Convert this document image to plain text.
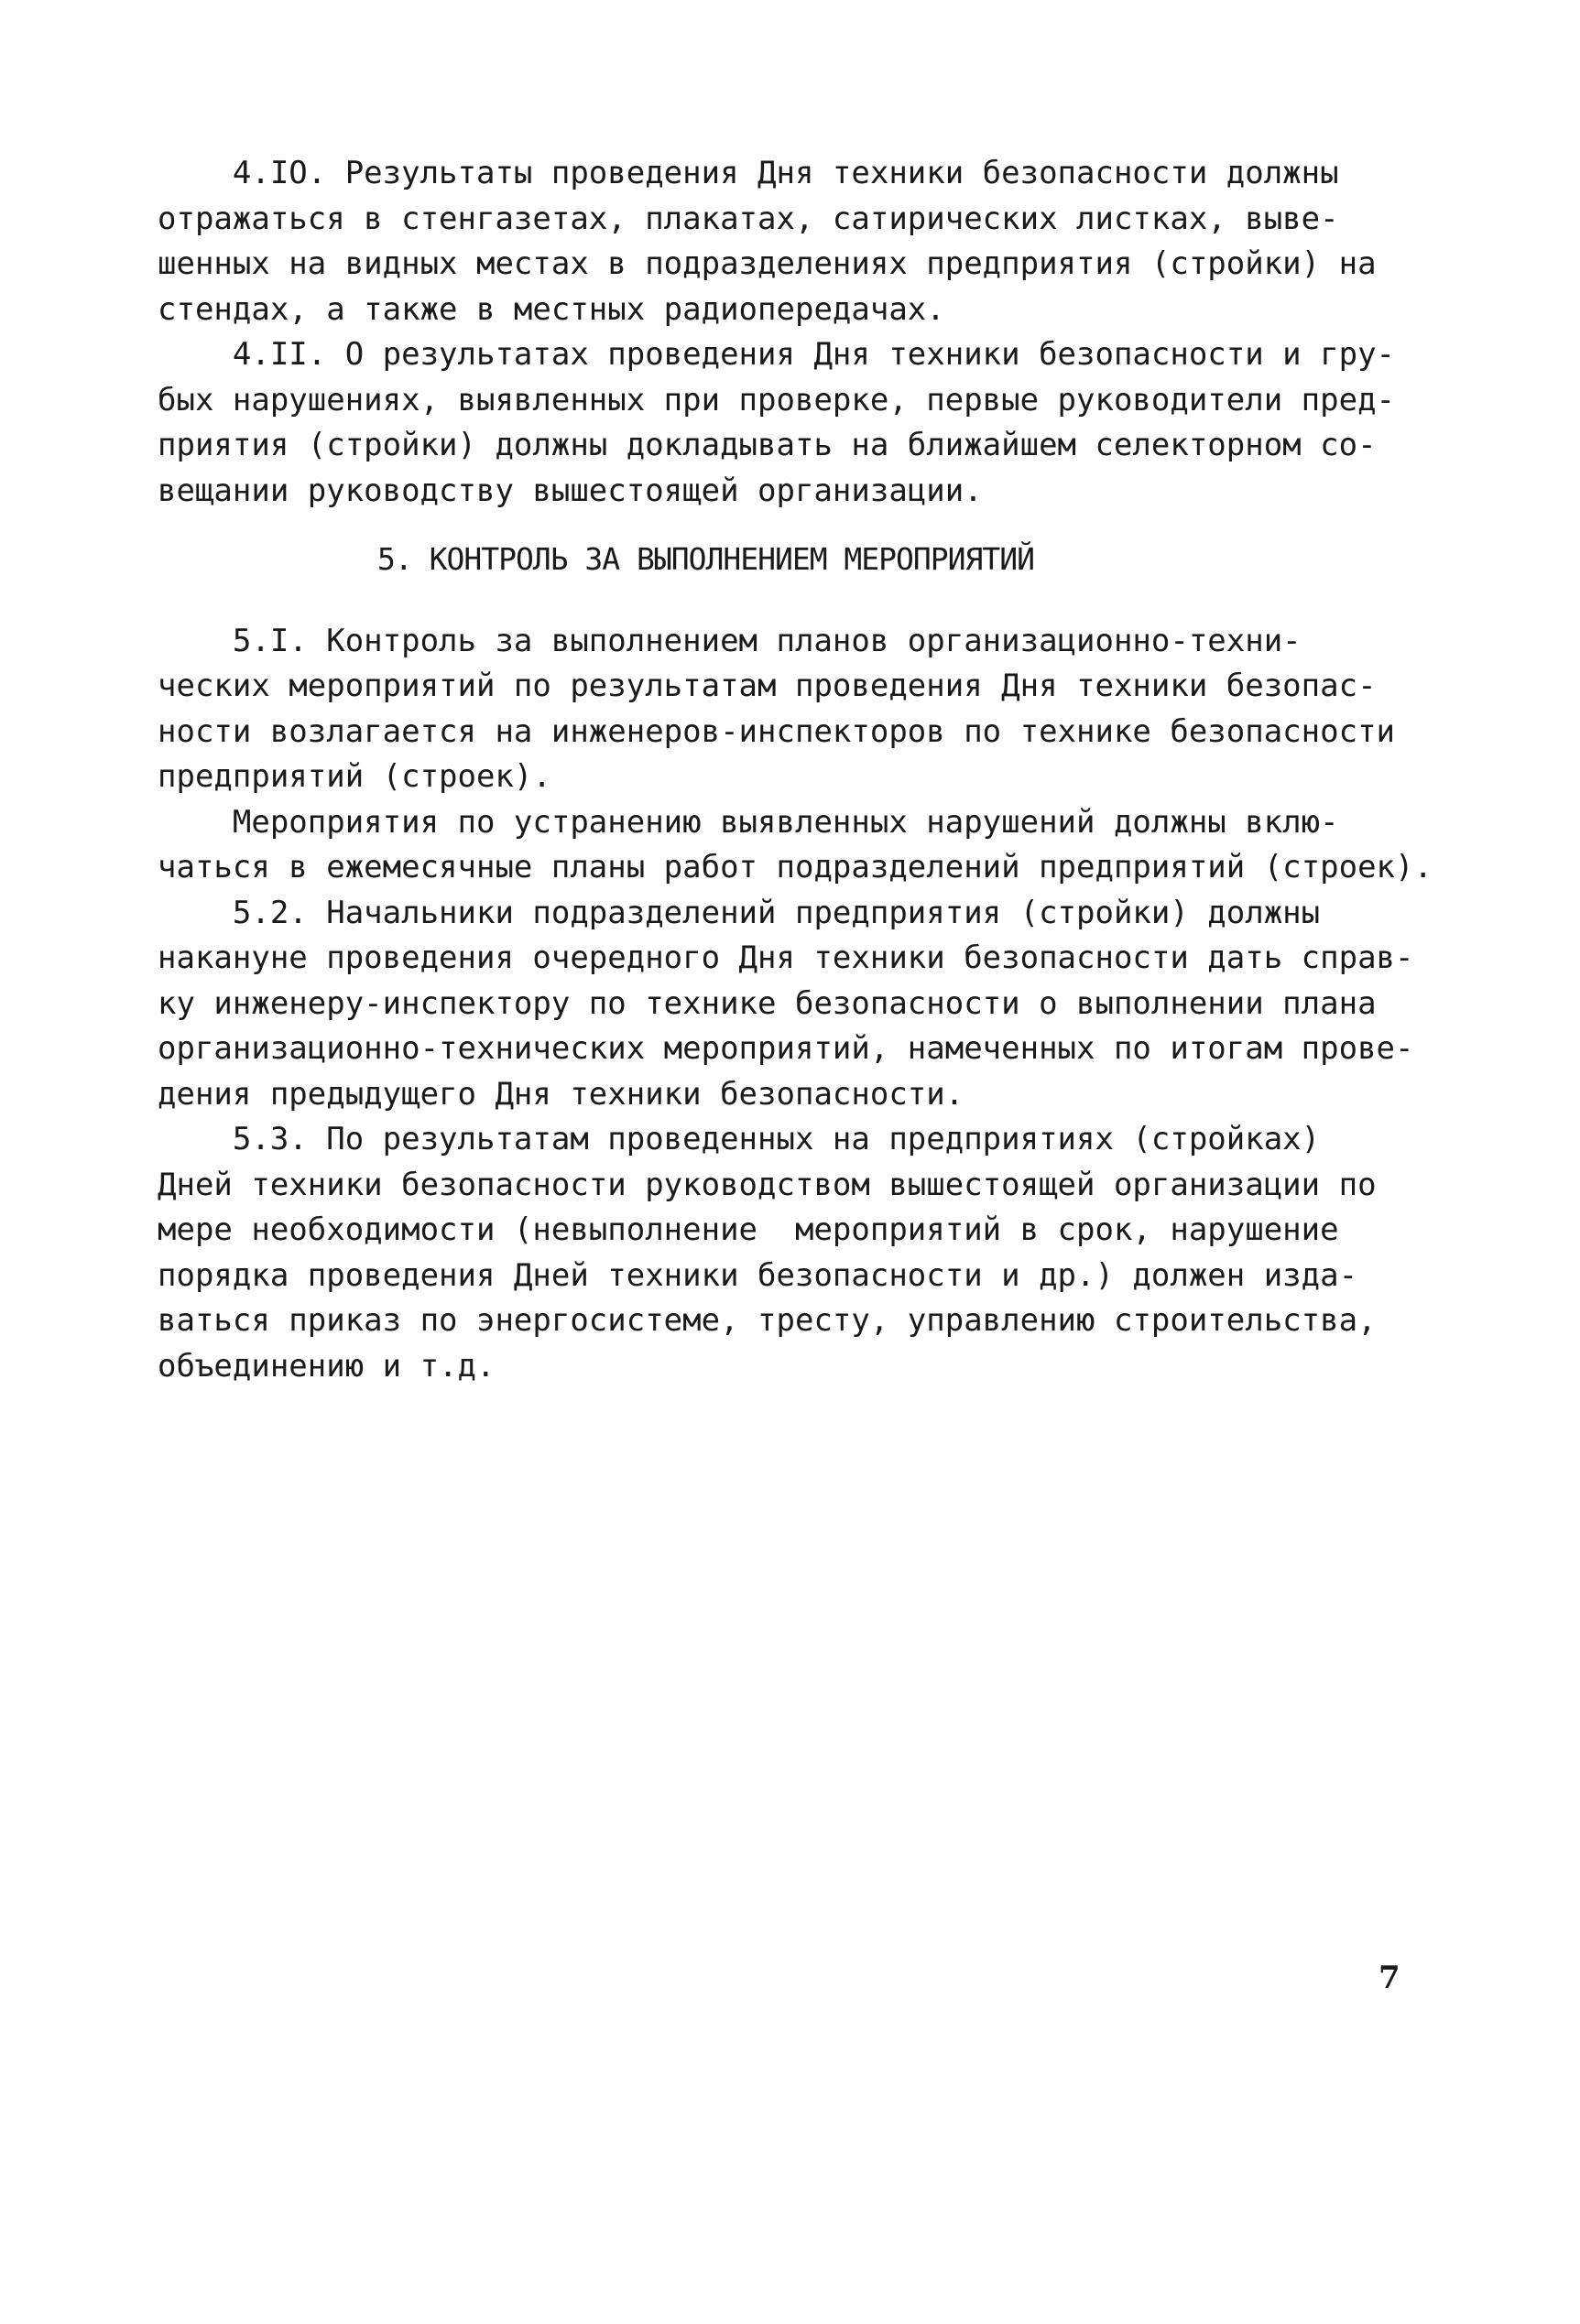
4.IO. Результаты проведения Дня техники безопасности должны
отражаться в стенгазетах, плакатах, сатирических листках, выве-
шенных на видных местах в подразделениях предприятия (стройки) на
стендах, а также в местных радиопередачах.
4.II. О результатах проведения Дня техники безопасности и гру-
бых нарушениях, выявленных при проверке, первые руководители пред-
приятия (стройки) должны докладывать на ближайшем селекторном со-
вещании руководству вышестоящей организации.
5. КОНТРОЛЬ ЗА ВЫПОЛНЕНИЕМ МЕРОПРИЯТИЙ
5.I. Контроль за выполнением планов организационно-техни-
ческих мероприятий по результатам проведения Дня техники безопас-
ности возлагается на инженеров-инспекторов по технике безопасности
предприятий (строек).
Мероприятия по устранению выявленных нарушений должны вклю-
чаться в ежемесячные планы работ подразделений предприятий (строек).
5.2. Начальники подразделений предприятия (стройки) должны
накануне проведения очередного Дня техники безопасности дать справ-
ку инженеру-инспектору по технике безопасности о выполнении плана
организационно-технических мероприятий, намеченных по итогам прове-
дения предыдущего Дня техники безопасности.
5.3. По результатам проведенных на предприятиях (стройках)
Дней техники безопасности руководством вышестоящей организации по
мере необходимости (невыполнение  мероприятий в срок, нарушение
порядка проведения Дней техники безопасности и др.) должен изда-
ваться приказ по энергосистеме, тресту, управлению строительства,
объединению и т.д.
7
